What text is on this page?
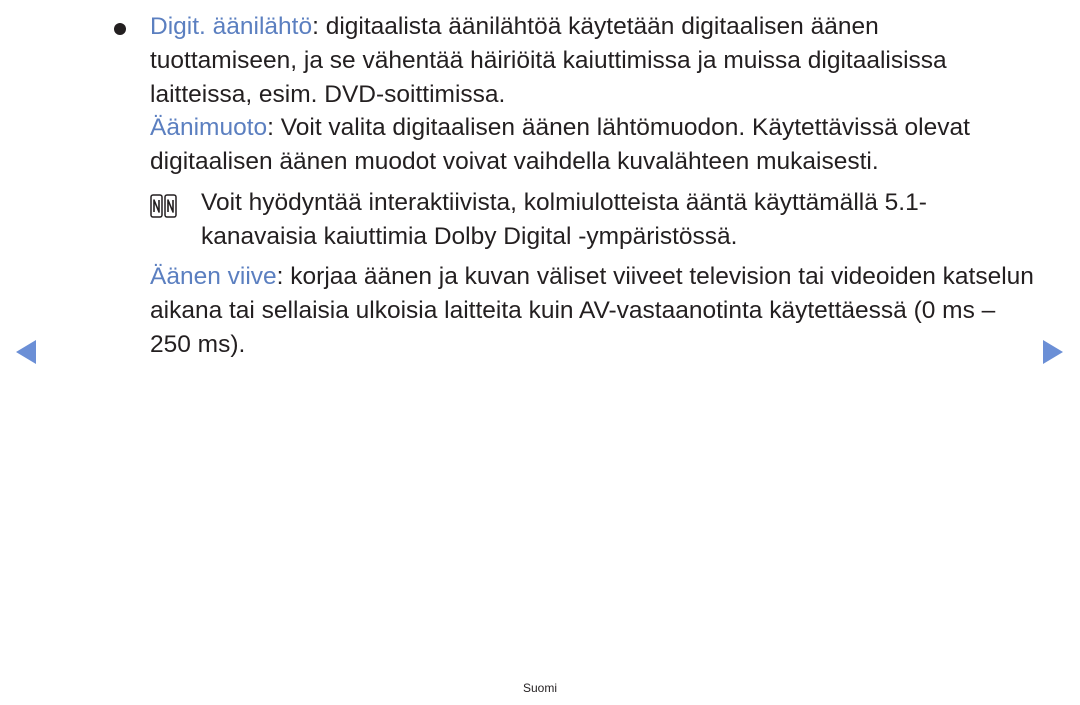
Digit. äänilähtö: digitaalista äänilähtöä käytetään digitaalisen äänen tuottamiseen, ja se vähentää häiriöitä kaiuttimissa ja muissa digitaalisissa laitteissa, esim. DVD-soittimissa.

Äänimuoto: Voit valita digitaalisen äänen lähtömuodon. Käytettävissä olevat digitaalisen äänen muodot voivat vaihdella kuvalähteen mukaisesti.

Voit hyödyntää interaktiivista, kolmiulotteista ääntä käyttämällä 5.1-kanavaisia kaiuttimia Dolby Digital -ympäristössä.

Äänen viive: korjaa äänen ja kuvan väliset viiveet television tai videoiden katselun aikana tai sellaisia ulkoisia laitteita kuin AV-vastaanotinta käytettäessä (0 ms – 250 ms).

Suomi
